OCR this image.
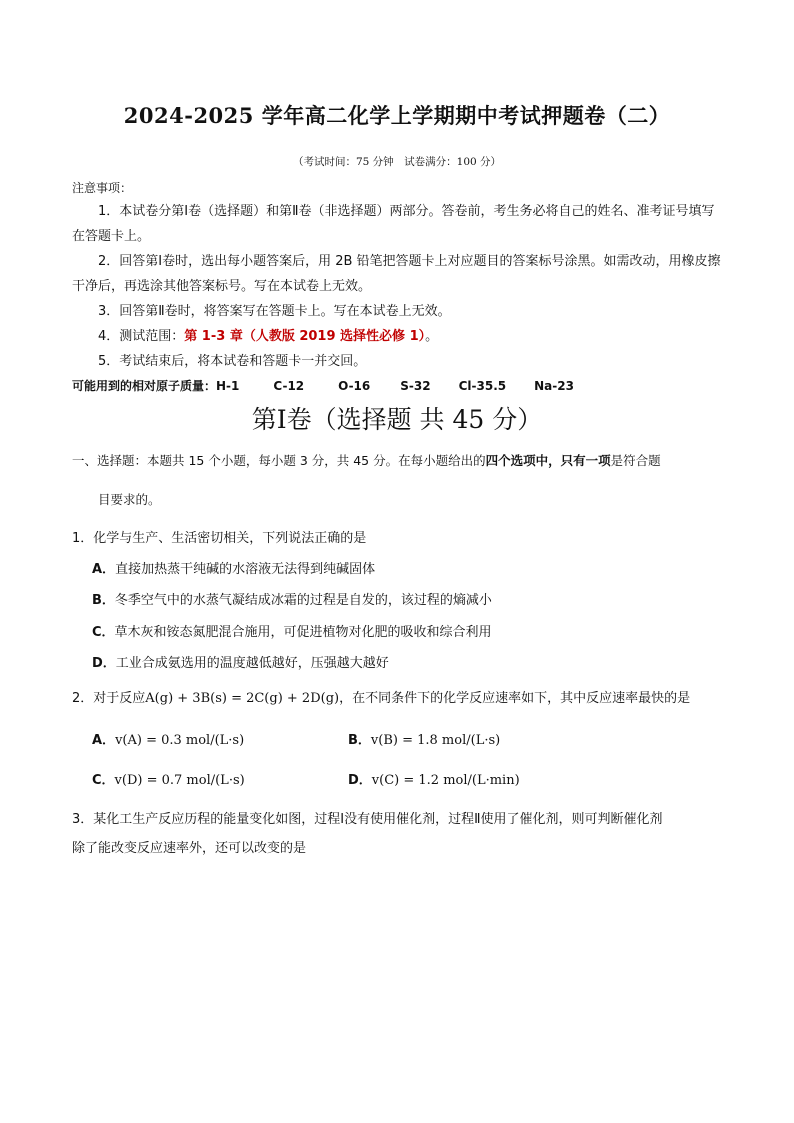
2024-2025 学年高二化学上学期期中考试押题卷（二）
（考试时间：75 分钟　试卷满分：100 分）
注意事项：
1．本试卷分第Ⅰ卷（选择题）和第Ⅱ卷（非选择题）两部分。答卷前，考生务必将自己的姓名、准考证号填写在答题卡上。
2．回答第Ⅰ卷时，选出每小题答案后，用 2B 铅笔把答题卡上对应题目的答案标号涂黑。如需改动，用橡皮擦干净后，再选涂其他答案标号。写在本试卷上无效。
3．回答第Ⅱ卷时，将答案写在答题卡上。写在本试卷上无效。
4．测试范围：第 1-3 章（人教版 2019 选择性必修 1）。
5．考试结束后，将本试卷和答题卡一并交回。
可能用到的相对原子质量：H-1	C-12	O-16	S-32 Cl-35.5 Na-23
第Ⅰ卷（选择题 共 45 分）
一、选择题：本题共 15 个小题，每小题 3 分，共 45 分。在每小题给出的四个选项中，只有一项是符合题
目要求的。
1．化学与生产、生活密切相关，下列说法正确的是
A．直接加热蒸干纯碱的水溶液无法得到纯碱固体
B．冬季空气中的水蒸气凝结成冰霜的过程是自发的，该过程的熵减小
C．草木灰和铵态氮肥混合施用，可促进植物对化肥的吸收和综合利用
D．工业合成氨选用的温度越低越好，压强越大越好
2．对于反应A(g) + 3B(s) = 2C(g) + 2D(g)，在不同条件下的化学反应速率如下，其中反应速率最快的是
A．v(A) = 0.3 mol/(L·s)	B．v(B) = 1.8 mol/(L·s)
C．v(D) = 0.7 mol/(L·s)	D．v(C) = 1.2 mol/(L·min)
3．某化工生产反应历程的能量变化如图，过程Ⅰ没有使用催化剂，过程Ⅱ使用了催化剂，则可判断催化剂
除了能改变反应速率外，还可以改变的是
